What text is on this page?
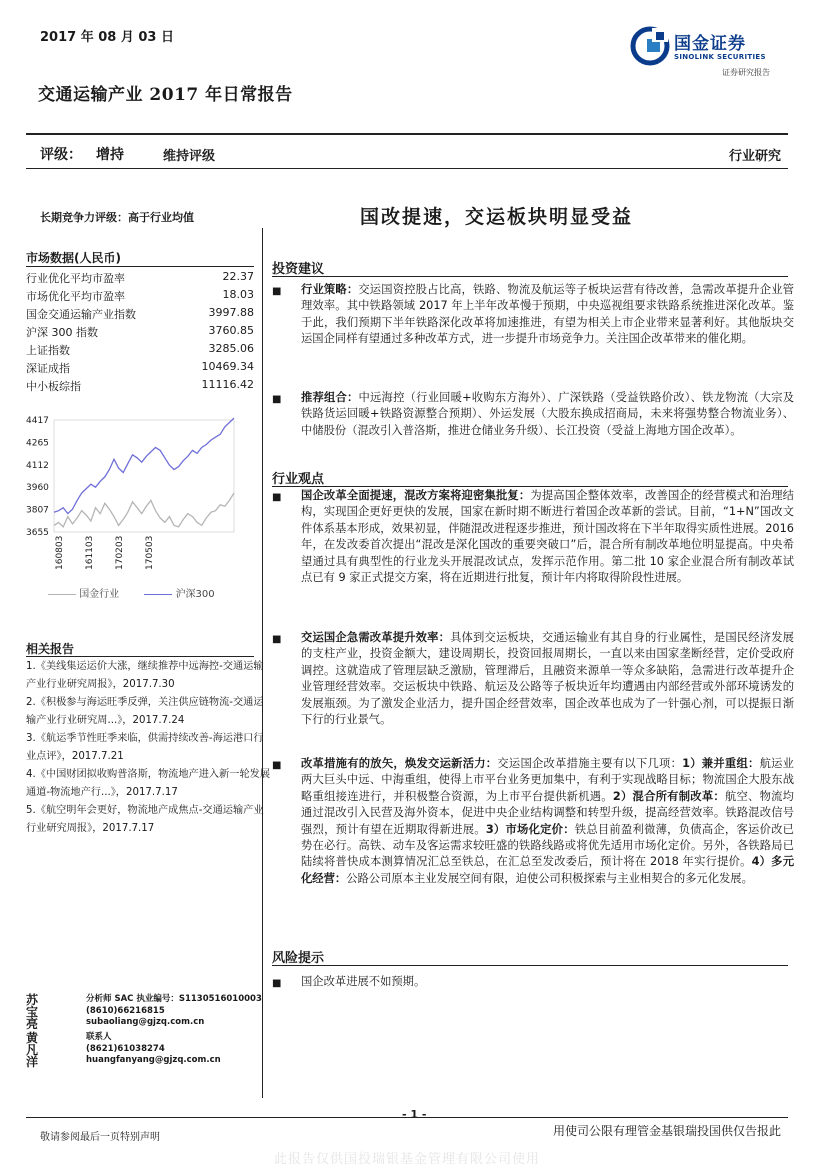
2017 年 08 月 03 日	国金证券
SINOLINK SECURITIES
证券研究报告
交通运输产业 2017 年日常报告
评级： 增持	维持评级	行业研究
长期竞争力评级：高于行业均值	国改提速，交运板块明显受益
市场数据(人民币)
行业优化平均市盈率	22.37
市场优化平均市盈率	18.03
国金交通运输产业指数	3997.88
沪深 300 指数	3760.85
上证指数	3285.06
深证成指	10469.34
中小板综指	11116.42
4417
4265
4112
3960
3807
3655
160803 161103 170203 170503
国金行业	沪深300
相关报告
1.《美线集运运价大涨，继续推荐中远海控-交通运输产业行业研究周报》，2017.7.30
2.《积极参与海运旺季反弹，关注供应链物流-交通运输产业行业研究周...》，2017.7.24
3.《航运季节性旺季来临，供需持续改善-海运港口行业点评》，2017.7.21
4.《中国财团拟收购普洛斯，物流地产进入新一轮发展通道-物流地产行...》，2017.7.17
5.《航空明年会更好，物流地产成焦点-交通运输产业行业研究周报》，2017.7.17
苏宝亮
分析师 SAC 执业编号：S1130516010003
(8610)66216815
subaoliang@gjzq.com.cn
黄凡洋
联系人
(8621)61038274
huangfanyang@gjzq.com.cn
投资建议
■ 行业策略：交运国资控股占比高，铁路、物流及航运等子板块运营有待改善，急需改革提升企业管理效率。其中铁路领域 2017 年上半年改革慢于预期，中央巡视组要求铁路系统推进深化改革。鉴于此，我们预期下半年铁路深化改革将加速推进，有望为相关上市企业带来显著利好。其他版块交运国企同样有望通过多种改革方式，进一步提升市场竞争力。关注国企改革带来的催化期。
■ 推荐组合：中远海控（行业回暖+收购东方海外）、广深铁路（受益铁路价改）、铁龙物流（大宗及铁路货运回暖+铁路资源整合预期）、外运发展（大股东换成招商局，未来将强势整合物流业务）、中储股份（混改引入普洛斯，推进仓储业务升级）、长江投资（受益上海地方国企改革）。
行业观点
■ 国企改革全面提速，混改方案将迎密集批复：为提高国企整体效率，改善国企的经营模式和治理结构，实现国企更好更快的发展，国家在新时期不断进行着国企改革新的尝试。目前，“1+N”国改文件体系基本形成，效果初显，伴随混改进程逐步推进，预计国改将在下半年取得实质性进展。2016 年，在发改委首次提出“混改是深化国改的重要突破口”后，混合所有制改革地位明显提高。中央希望通过具有典型性的行业龙头开展混改试点，发挥示范作用。第二批 10 家企业混合所有制改革试点已有 9 家正式提交方案，将在近期进行批复，预计年内将取得阶段性进展。
■ 交运国企急需改革提升效率：具体到交运板块，交通运输业有其自身的行业属性，是国民经济发展的支柱产业，投资金额大，建设周期长，投资回报周期长，一直以来由国家垄断经营，定价受政府调控。这就造成了管理层缺乏激励，管理滞后，且融资来源单一等众多缺陷，急需进行改革提升企业管理经营效率。交运板块中铁路、航运及公路等子板块近年均遭遇由内部经营或外部环境诱发的发展瓶颈。为了激发企业活力，提升国企经营效率，国企改革也成为了一针强心剂，可以提振日渐下行的行业景气。
■ 改革措施有的放矢，焕发交运新活力：交运国企改革措施主要有以下几项：1）兼并重组：航运业两大巨头中远、中海重组，使得上市平台业务更加集中，有利于实现战略目标；物流国企大股东战略重组接连进行，并积极整合资源，为上市平台提供新机遇。2）混合所有制改革：航空、物流均通过混改引入民营及海外资本，促进中央企业结构调整和转型升级，提高经营效率。铁路混改信号强烈，预计有望在近期取得新进展。3）市场化定价：铁总目前盈利微薄，负债高企，客运价改已势在必行。高铁、动车及客运需求较旺盛的铁路线路或将优先适用市场化定价。另外，各铁路局已陆续将普快成本测算情况汇总至铁总，在汇总至发改委后，预计将在 2018 年实行提价。4）多元化经营：公路公司原本主业发展空间有限，迫使公司积极探索与主业相契合的多元化发展。
风险提示
■ 国企改革进展不如预期。
- 1 -
敬请参阅最后一页特别声明	用使司公限有理管金基银瑞投国供仅告报此
此报告仅供国投瑞银基金管理有限公司使用
